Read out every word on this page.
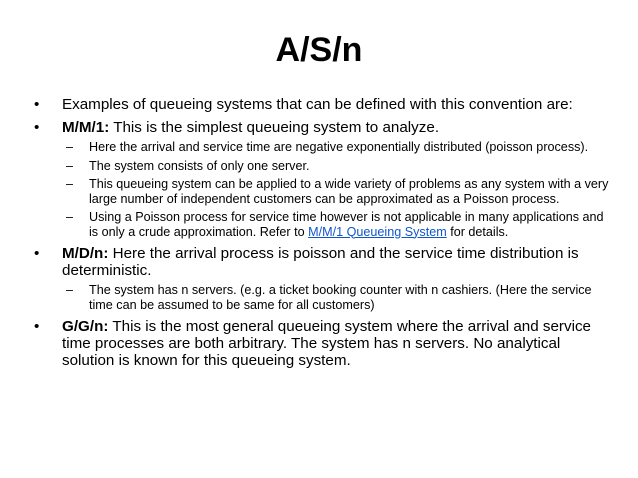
A/S/n
• Examples of queueing systems that can be defined with this convention are:
• M/M/1: This is the simplest queueing system to analyze.
– Here the arrival and service time are negative exponentially distributed (poisson process).
– The system consists of only one server.
– This queueing system can be applied to a wide variety of problems as any system with a very large number of independent customers can be approximated as a Poisson process.
– Using a Poisson process for service time however is not applicable in many applications and is only a crude approximation. Refer to M/M/1 Queueing System for details.
• M/D/n: Here the arrival process is poisson and the service time distribution is deterministic.
– The system has n servers. (e.g. a ticket booking counter with n cashiers. (Here the service time can be assumed to be same for all customers)
• G/G/n: This is the most general queueing system where the arrival and service time processes are both arbitrary. The system has n servers. No analytical solution is known for this queueing system.
